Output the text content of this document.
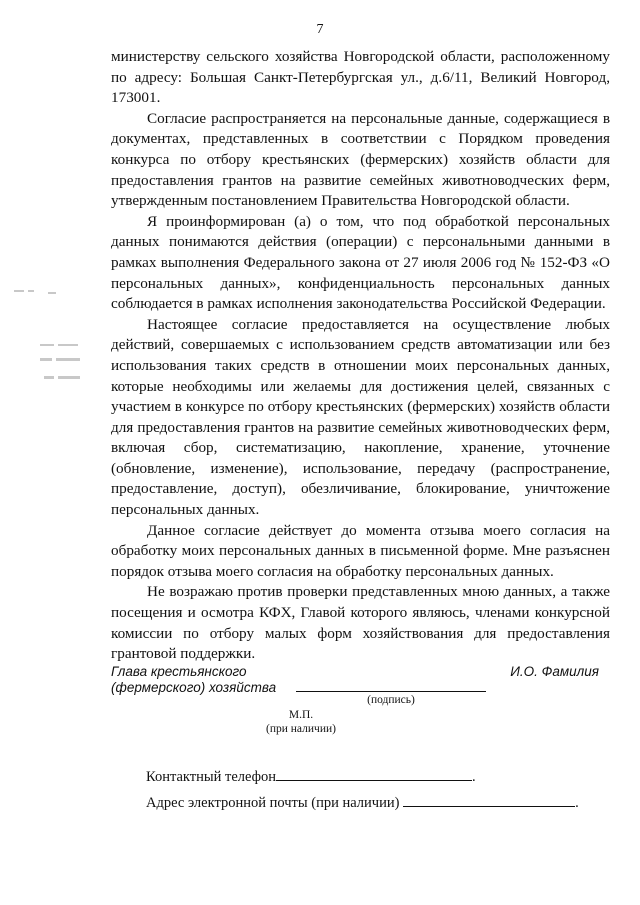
7

министерству сельского хозяйства Новгородской области, расположенному по адресу: Большая Санкт-Петербургская ул., д.6/11, Великий Новгород, 173001.

Согласие распространяется на персональные данные, содержащиеся в документах, представленных в соответствии с Порядком проведения конкурса по отбору крестьянских (фермерских) хозяйств области для предоставления грантов на развитие семейных животноводческих ферм, утвержденным постановлением Правительства Новгородской области.

Я проинформирован (а) о том, что под обработкой персональных данных понимаются действия (операции) с персональными данными в рамках выполнения Федерального закона от 27 июля 2006 год № 152-ФЗ «О персональных данных», конфиденциальность персональных данных соблюдается в рамках исполнения законодательства Российской Федерации.

Настоящее согласие предоставляется на осуществление любых действий, совершаемых с использованием средств автоматизации или без использования таких средств в отношении моих персональных данных, которые необходимы или желаемы для достижения целей, связанных с участием в конкурсе по отбору крестьянских (фермерских) хозяйств области для предоставления грантов на развитие семейных животноводческих ферм, включая сбор, систематизацию, накопление, хранение, уточнение (обновление, изменение), использование, передачу (распространение, предоставление, доступ), обезличивание, блокирование, уничтожение персональных данных.

Данное согласие действует до момента отзыва моего согласия на обработку моих персональных данных в письменной форме. Мне разъяснен порядок отзыва моего согласия на обработку персональных данных.

Не возражаю против проверки представленных мною данных, а также посещения и осмотра КФХ, Главой которого являюсь, членами конкурсной комиссии по отбору малых форм хозяйствования для предоставления грантовой поддержки.

Глава крестьянского
(фермерского) хозяйства
И.О. Фамилия
(подпись)
М.П.
(при наличии)
Контактный телефон	.
Адрес электронной почты (при наличии)	.
